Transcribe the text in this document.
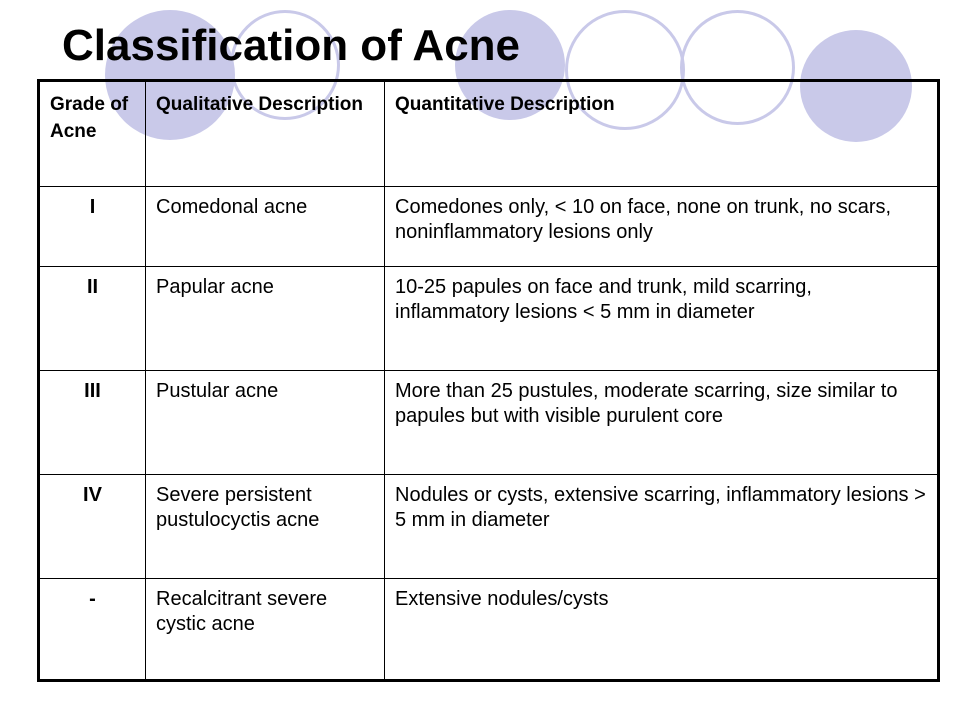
Classification of Acne
Grade of Acne	Qualitative Description	Quantitative Description
I	Comedonal acne	Comedones only, < 10 on face, none on trunk, no scars, noninflammatory lesions only
II	Papular acne	10-25 papules on face and trunk, mild scarring, inflammatory lesions < 5 mm in diameter
III	Pustular acne	More than 25 pustules, moderate scarring, size similar to papules but with visible purulent core
IV	Severe persistent pustulocyctis acne	Nodules or cysts, extensive scarring, inflammatory lesions > 5 mm in diameter
-	Recalcitrant severe cystic acne	Extensive nodules/cysts
